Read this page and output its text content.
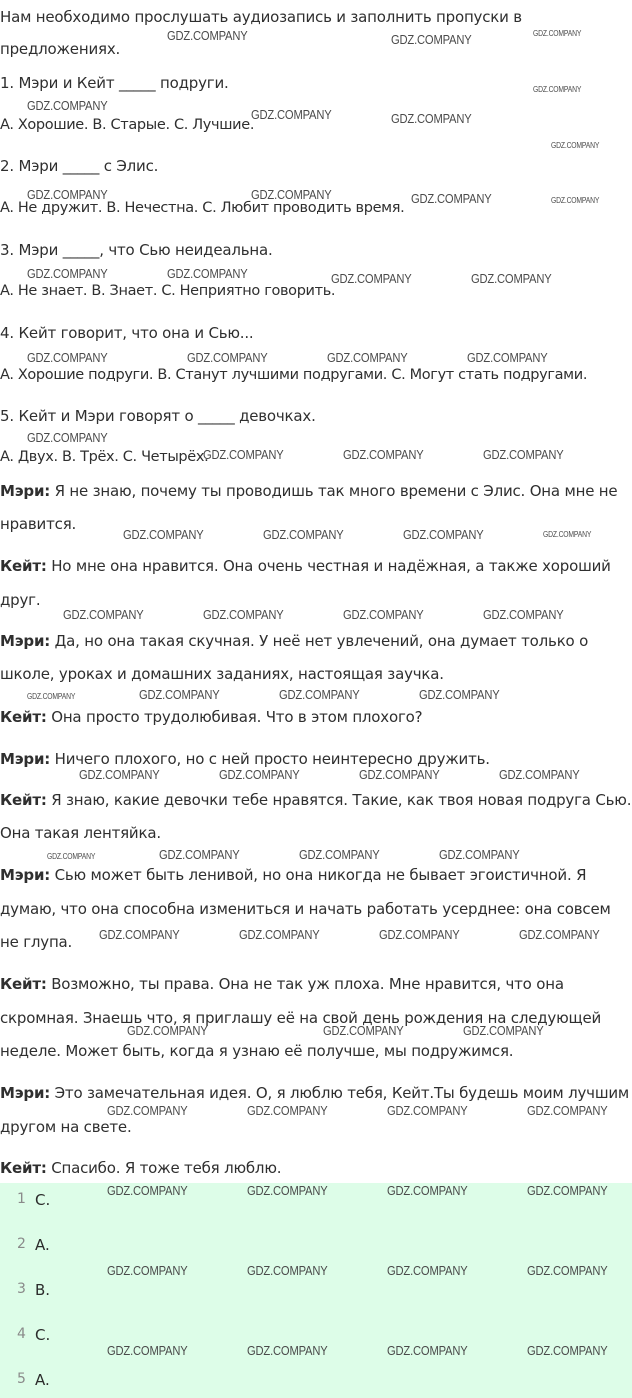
Нам необходимо прослушать аудиозапись и заполнить пропуски в
предложениях.
1. Мэри и Кейт _____ подруги.
A. Хорошие. B. Старые. C. Лучшие.
2. Мэри _____ с Элис.
A. Не дружит. B. Нечестна. C. Любит проводить время.
3. Мэри _____, что Сью неидеальна.
A. Не знает. B. Знает. C. Неприятно говорить.
4. Кейт говорит, что она и Сью...
A. Хорошие подруги. B. Станут лучшими подругами. C. Могут стать подругами.
5. Кейт и Мэри говорят о _____ девочках.
A. Двух. B. Трёх. C. Четырёх.
Мэри: Я не знаю, почему ты проводишь так много времени с Элис. Она мне не
нравится.
Кейт: Но мне она нравится. Она очень честная и надёжная, а также хороший
друг.
Мэри: Да, но она такая скучная. У неё нет увлечений, она думает только о
школе, уроках и домашних заданиях, настоящая заучка.
Кейт: Она просто трудолюбивая. Что в этом плохого?
Мэри: Ничего плохого, но с ней просто неинтересно дружить.
Кейт: Я знаю, какие девочки тебе нравятся. Такие, как твоя новая подруга Сью.
Она такая лентяйка.
Мэри: Сью может быть ленивой, но она никогда не бывает эгоистичной. Я
думаю, что она способна измениться и начать работать усерднее: она совсем
не глупа.
Кейт: Возможно, ты права. Она не так уж плоха. Мне нравится, что она
скромная. Знаешь что, я приглашу её на свой день рождения на следующей
неделе. Может быть, когда я узнаю её получше, мы подружимся.
Мэри: Это замечательная идея. О, я люблю тебя, Кейт.Ты будешь моим лучшим
другом на свете.
Кейт: Спасибо. Я тоже тебя люблю.
1 C.
2 A.
3 B.
4 C.
5 A.
GDZ.COMPANY	GDZ.COMPANY	GDZ.COMPANY
GDZ.COMPANY
GDZ.COMPANY
GDZ.COMPANY	GDZ.COMPANY
GDZ.COMPANY
GDZ.COMPANY	GDZ.COMPANY	GDZ.COMPANY	GDZ.COMPANY
GDZ.COMPANY	GDZ.COMPANY	GDZ.COMPANY	GDZ.COMPANY
GDZ.COMPANY	GDZ.COMPANY	GDZ.COMPANY	GDZ.COMPANY
GDZ.COMPANY
GDZ.COMPANY	GDZ.COMPANY	GDZ.COMPANY
GDZ.COMPANY	GDZ.COMPANY	GDZ.COMPANY	GDZ.COMPANY
GDZ.COMPANY	GDZ.COMPANY	GDZ.COMPANY	GDZ.COMPANY
GDZ.COMPANY	GDZ.COMPANY	GDZ.COMPANY	GDZ.COMPANY
GDZ.COMPANY	GDZ.COMPANY	GDZ.COMPANY	GDZ.COMPANY
GDZ.COMPANY	GDZ.COMPANY	GDZ.COMPANY	GDZ.COMPANY
GDZ.COMPANY	GDZ.COMPANY	GDZ.COMPANY	GDZ.COMPANY
GDZ.COMPANY	GDZ.COMPANY	GDZ.COMPANY
GDZ.COMPANY	GDZ.COMPANY	GDZ.COMPANY	GDZ.COMPANY
GDZ.COMPANY	GDZ.COMPANY	GDZ.COMPANY	GDZ.COMPANY
GDZ.COMPANY	GDZ.COMPANY	GDZ.COMPANY	GDZ.COMPANY
GDZ.COMPANY	GDZ.COMPANY	GDZ.COMPANY	GDZ.COMPANY
